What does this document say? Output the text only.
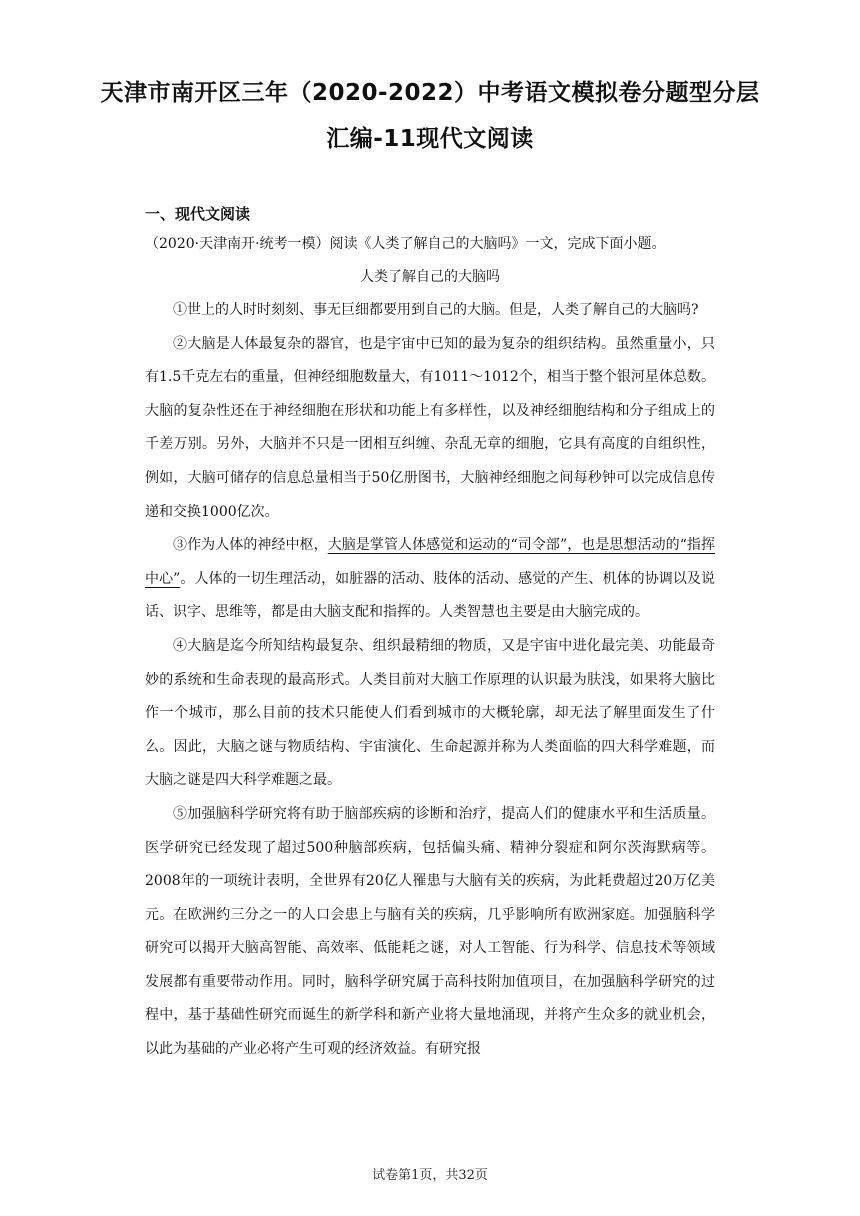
天津市南开区三年（2020-2022）中考语文模拟卷分题型分层
汇编-11现代文阅读
一、现代文阅读
（2020·天津南开·统考一模）阅读《人类了解自己的大脑吗》一文，完成下面小题。
人类了解自己的大脑吗

①世上的人时时刻刻、事无巨细都要用到自己的大脑。但是，人类了解自己的大脑吗?

②大脑是人体最复杂的器官，也是宇宙中已知的最为复杂的组织结构。虽然重量小，只有1.5千克左右的重量，但神经细胞数量大，有1011～1012个，相当于整个银河星体总数。大脑的复杂性还在于神经细胞在形状和功能上有多样性，以及神经细胞结构和分子组成上的千差万别。另外，大脑并不只是一团相互纠缠、杂乱无章的细胞，它具有高度的自组织性，例如，大脑可储存的信息总量相当于50亿册图书，大脑神经细胞之间每秒钟可以完成信息传递和交换1000亿次。

③作为人体的神经中枢，大脑是掌管人体感觉和运动的“司令部”，也是思想活动的“指挥中心”。人体的一切生理活动，如脏器的活动、肢体的活动、感觉的产生、机体的协调以及说话、识字、思维等，都是由大脑支配和指挥的。人类智慧也主要是由大脑完成的。

④大脑是迄今所知结构最复杂、组织最精细的物质，又是宇宙中进化最完美、功能最奇妙的系统和生命表现的最高形式。人类目前对大脑工作原理的认识最为肤浅，如果将大脑比作一个城市，那么目前的技术只能使人们看到城市的大概轮廓，却无法了解里面发生了什么。因此，大脑之谜与物质结构、宇宙演化、生命起源并称为人类面临的四大科学难题，而大脑之谜是四大科学难题之最。

⑤加强脑科学研究将有助于脑部疾病的诊断和治疗，提高人们的健康水平和生活质量。医学研究已经发现了超过500种脑部疾病，包括偏头痛、精神分裂症和阿尔茨海默病等。2008年的一项统计表明，全世界有20亿人罹患与大脑有关的疾病，为此耗费超过20万亿美元。在欧洲约三分之一的人口会患上与脑有关的疾病，几乎影响所有欧洲家庭。加强脑科学研究可以揭开大脑高智能、高效率、低能耗之谜，对人工智能、行为科学、信息技术等领域发展都有重要带动作用。同时，脑科学研究属于高科技附加值项目，在加强脑科学研究的过程中，基于基础性研究而诞生的新学科和新产业将大量地涌现，并将产生众多的就业机会，以此为基础的产业必将产生可观的经济效益。有研究报

试卷第1页，共32页
